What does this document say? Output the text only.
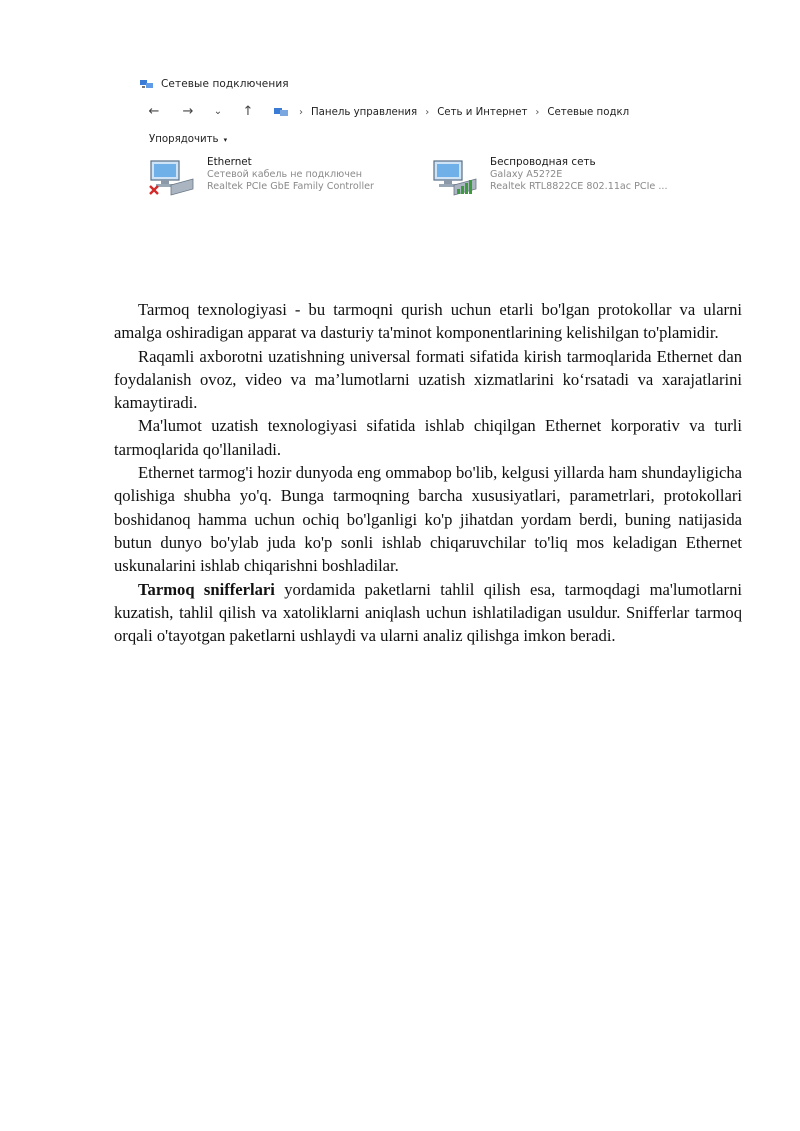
Сетевые подключения
←	→	⌄	↑	› Панель управления › Сеть и Интернет › Сетевые подкл
Упорядочить ▾
Ethernet
Сетевой кабель не подключен
Realtek PCIe GbE Family Controller
Беспроводная сеть
Galaxy A52?2E
Realtek RTL8822CE 802.11ac PCIe ...

Tarmoq texnologiyasi - bu tarmoqni qurish uchun etarli bo'lgan protokollar va ularni amalga oshiradigan apparat va dasturiy ta'minot komponentlarining kelishilgan to'plamidir.

Raqamli axborotni uzatishning universal formati sifatida kirish tarmoqlarida Ethernet dan foydalanish ovoz, video va ma’lumotlarni uzatish xizmatlarini ko‘rsatadi va xarajatlarini kamaytiradi.

Ma'lumot uzatish texnologiyasi sifatida ishlab chiqilgan Ethernet korporativ va turli tarmoqlarida qo'llaniladi.

Ethernet tarmog'i hozir dunyoda eng ommabop bo'lib, kelgusi yillarda ham shundayligicha qolishiga shubha yo'q. Bunga tarmoqning barcha xususiyatlari, parametrlari, protokollari boshidanoq hamma uchun ochiq bo'lganligi ko'p jihatdan yordam berdi, buning natijasida butun dunyo bo'ylab juda ko'p sonli ishlab chiqaruvchilar to'liq mos keladigan Ethernet uskunalarini ishlab chiqarishni boshladilar.

Tarmoq snifferlari yordamida paketlarni tahlil qilish esa, tarmoqdagi ma'lumotlarni kuzatish, tahlil qilish va xatoliklarni aniqlash uchun ishlatiladigan usuldur. Snifferlar tarmoq orqali o'tayotgan paketlarni ushlaydi va ularni analiz qilishga imkon beradi.
